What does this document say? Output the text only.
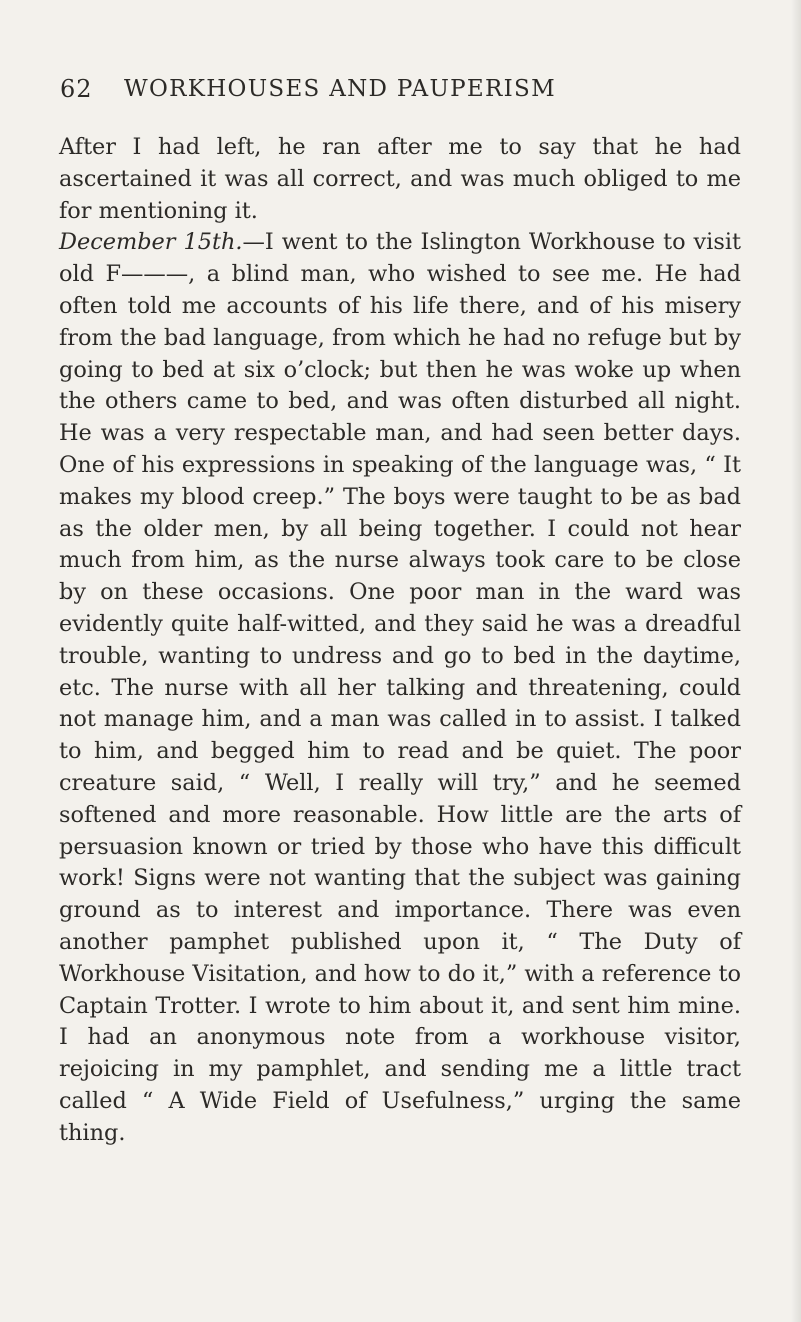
62 WORKHOUSES AND PAUPERISM

After I had left, he ran after me to say that he had ascertained it was all correct, and was much obliged to me for mentioning it.

December 15th.—I went to the Islington Workhouse to visit old F———, a blind man, who wished to see me. He had often told me accounts of his life there, and of his misery from the bad language, from which he had no refuge but by going to bed at six o’clock; but then he was woke up when the others came to bed, and was often disturbed all night. He was a very respectable man, and had seen better days. One of his expressions in speaking of the language was, “ It makes my blood creep.” The boys were taught to be as bad as the older men, by all being together. I could not hear much from him, as the nurse always took care to be close by on these occasions. One poor man in the ward was evidently quite half-witted, and they said he was a dreadful trouble, wanting to undress and go to bed in the daytime, etc. The nurse with all her talking and threatening, could not manage him, and a man was called in to assist. I talked to him, and begged him to read and be quiet. The poor creature said, “ Well, I really will try,” and he seemed softened and more reasonable. How little are the arts of persuasion known or tried by those who have this difficult work! Signs were not wanting that the subject was gaining ground as to interest and importance. There was even another pamphet published upon it, “ The Duty of Workhouse Visitation, and how to do it,” with a reference to Captain Trotter. I wrote to him about it, and sent him mine. I had an anonymous note from a workhouse visitor, rejoicing in my pamphlet, and sending me a little tract called “ A Wide Field of Usefulness,” urging the same thing.
